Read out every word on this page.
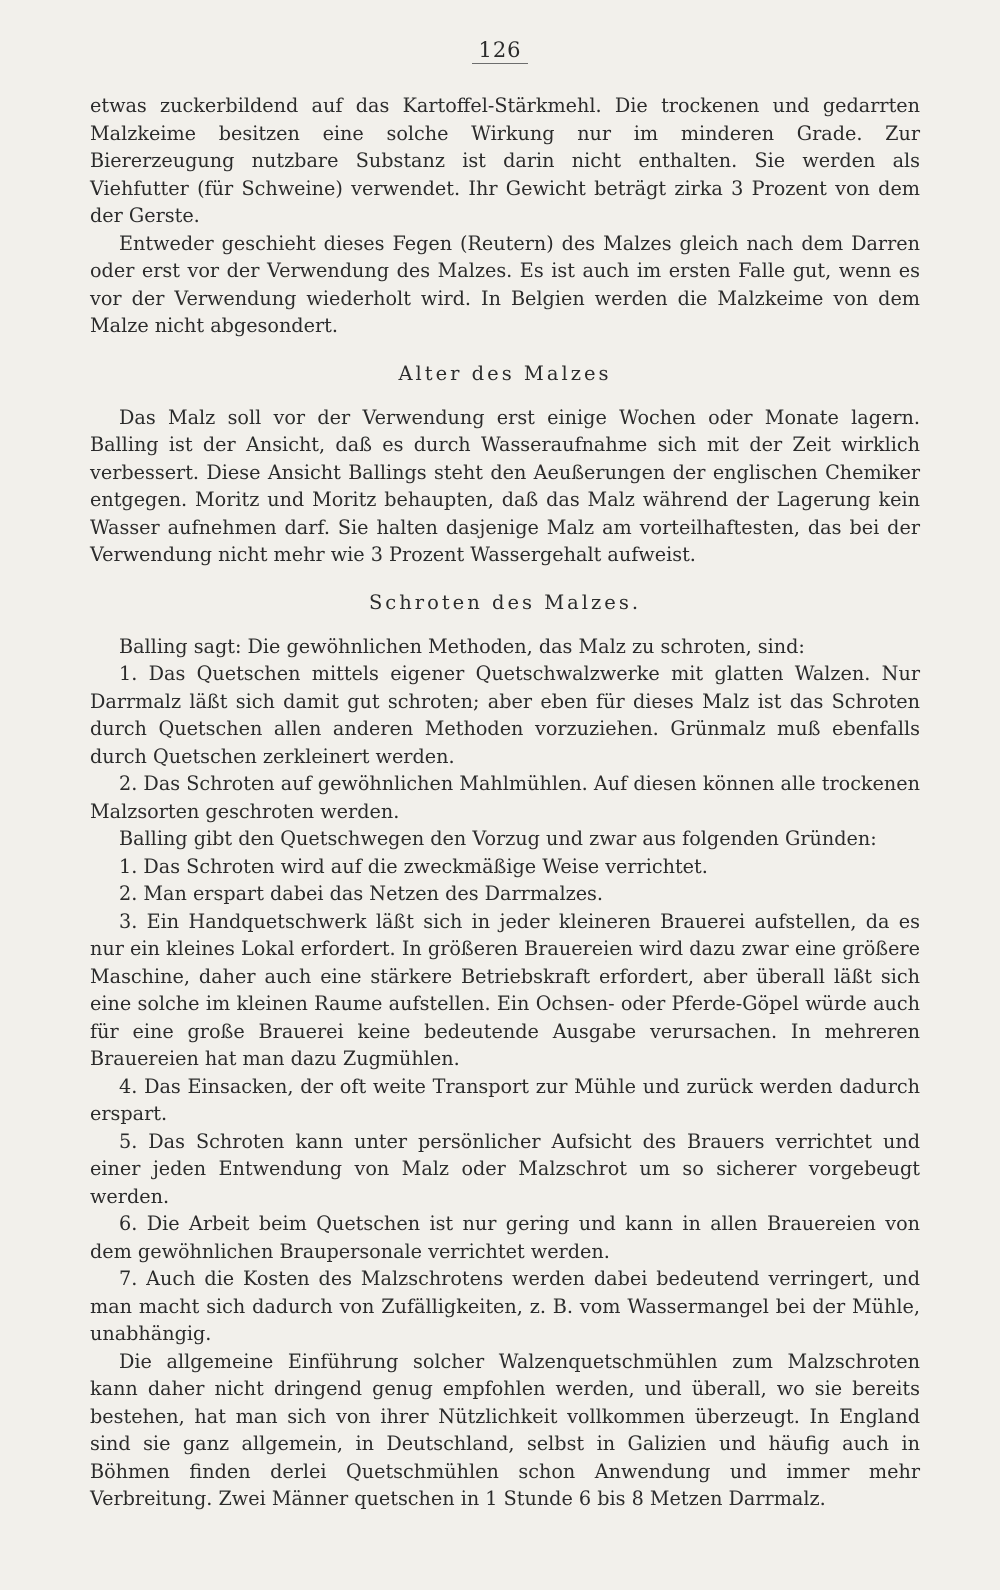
126

etwas zuckerbildend auf das Kartoffel-Stärkmehl. Die trockenen und gedarrten Malzkeime besitzen eine solche Wirkung nur im minderen Grade. Zur Biererzeugung nutzbare Substanz ist darin nicht enthalten. Sie werden als Viehfutter (für Schweine) verwendet. Ihr Gewicht beträgt zirka 3 Prozent von dem der Gerste.

Entweder geschieht dieses Fegen (Reutern) des Malzes gleich nach dem Darren oder erst vor der Verwendung des Malzes. Es ist auch im ersten Falle gut, wenn es vor der Verwendung wiederholt wird. In Belgien werden die Malzkeime von dem Malze nicht abgesondert.

Alter des Malzes

Das Malz soll vor der Verwendung erst einige Wochen oder Monate lagern. Balling ist der Ansicht, daß es durch Wasseraufnahme sich mit der Zeit wirklich verbessert. Diese Ansicht Ballings steht den Aeußerungen der englischen Chemiker entgegen. Moritz und Moritz behaupten, daß das Malz während der Lagerung kein Wasser aufnehmen darf. Sie halten dasjenige Malz am vorteilhaftesten, das bei der Verwendung nicht mehr wie 3 Prozent Wassergehalt aufweist.

Schroten des Malzes.

Balling sagt: Die gewöhnlichen Methoden, das Malz zu schroten, sind:

1. Das Quetschen mittels eigener Quetschwalzwerke mit glatten Walzen. Nur Darrmalz läßt sich damit gut schroten; aber eben für dieses Malz ist das Schroten durch Quetschen allen anderen Methoden vorzuziehen. Grünmalz muß ebenfalls durch Quetschen zerkleinert werden.

2. Das Schroten auf gewöhnlichen Mahlmühlen. Auf diesen können alle trockenen Malzsorten geschroten werden.

Balling gibt den Quetschwegen den Vorzug und zwar aus folgenden Gründen:

1. Das Schroten wird auf die zweckmäßige Weise verrichtet.

2. Man erspart dabei das Netzen des Darrmalzes.

3. Ein Handquetschwerk läßt sich in jeder kleineren Brauerei aufstellen, da es nur ein kleines Lokal erfordert. In größeren Brauereien wird dazu zwar eine größere Maschine, daher auch eine stärkere Betriebskraft erfordert, aber überall läßt sich eine solche im kleinen Raume aufstellen. Ein Ochsen- oder Pferde-Göpel würde auch für eine große Brauerei keine bedeutende Ausgabe verursachen. In mehreren Brauereien hat man dazu Zugmühlen.

4. Das Einsacken, der oft weite Transport zur Mühle und zurück werden dadurch erspart.

5. Das Schroten kann unter persönlicher Aufsicht des Brauers verrichtet und einer jeden Entwendung von Malz oder Malzschrot um so sicherer vorgebeugt werden.

6. Die Arbeit beim Quetschen ist nur gering und kann in allen Brauereien von dem gewöhnlichen Braupersonale verrichtet werden.

7. Auch die Kosten des Malzschrotens werden dabei bedeutend verringert, und man macht sich dadurch von Zufälligkeiten, z. B. vom Wassermangel bei der Mühle, unabhängig.

Die allgemeine Einführung solcher Walzenquetschmühlen zum Malzschroten kann daher nicht dringend genug empfohlen werden, und überall, wo sie bereits bestehen, hat man sich von ihrer Nützlichkeit vollkommen überzeugt. In England sind sie ganz allgemein, in Deutschland, selbst in Galizien und häufig auch in Böhmen finden derlei Quetschmühlen schon Anwendung und immer mehr Verbreitung. Zwei Männer quetschen in 1 Stunde 6 bis 8 Metzen Darrmalz.
